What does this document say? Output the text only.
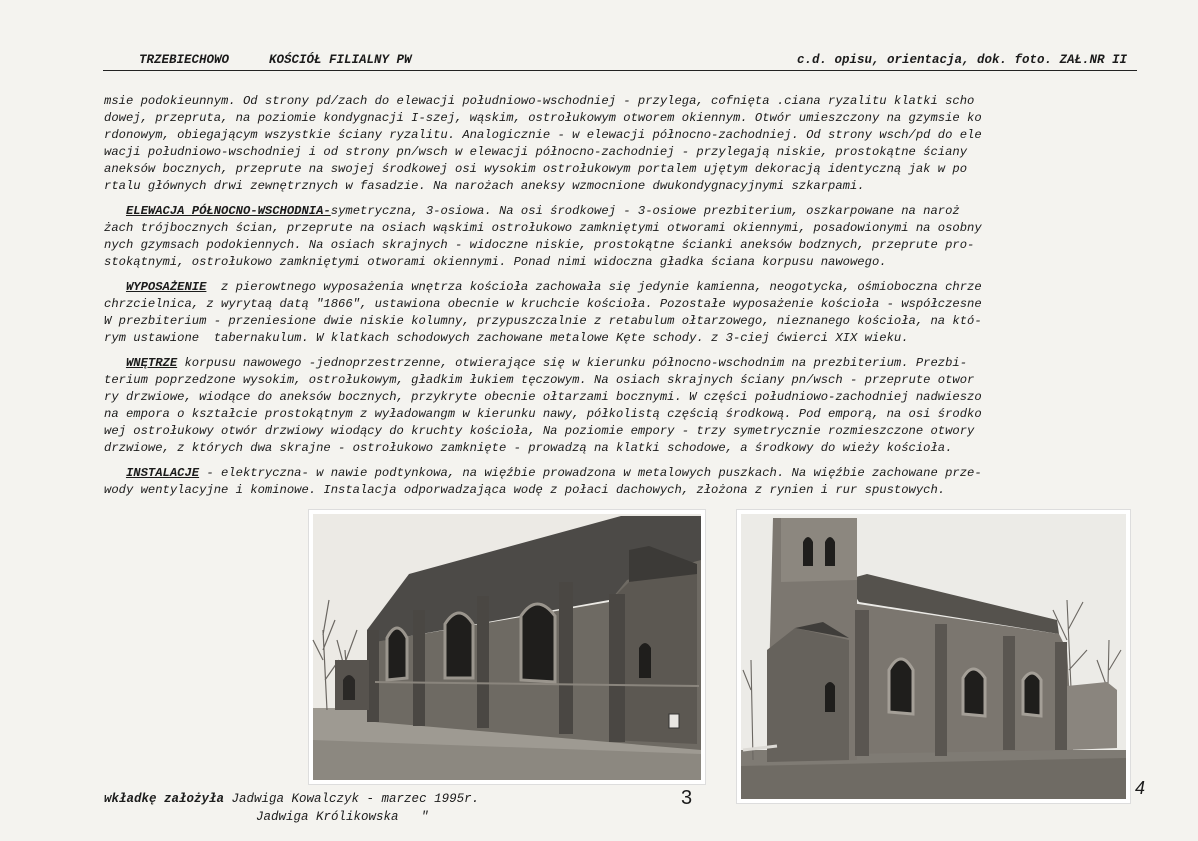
TRZEBIECHOWO	KOŚCIÓŁ FILIALNY PW	c.d. opisu, orientacja, dok. foto. ZAŁ.NR II
msie podokieunnym. Od strony pd/zach do elewacji południowo-wschodniej - przylega, cofnięta .ciana ryzalitu klatki scho
dowej, przepruta, na poziomie kondygnacji I-szej, wąskim, ostrołukowym otworem okiennym. Otwór umieszczony na gzymsie ko
rdonowym, obiegającym wszystkie ściany ryzalitu. Analogicznie - w elewacji północno-zachodniej. Od strony wsch/pd do ele
wacji południowo-wschodniej i od strony pn/wsch w elewacji północno-zachodniej - przylegają niskie, prostokątne ściany
aneksów bocznych, przeprute na swojej środkowej osi wysokim ostrołukowym portalem ujętym dekoracją identyczną jak w po
rtalu głównych drwi zewnętrznych w fasadzie. Na narożach aneksy wzmocnione dwukondygnacyjnymi szkarpami.
ELEWACJA PÓŁNOCNO-WSCHODNIA-symetryczna, 3-osiowa. Na osi środkowej - 3-osiowe prezbiterium, oszkarpowane na naroż
żach trójbocznych ścian, przeprute na osiach wąskimi ostrołukowo zamkniętymi otworami okiennymi, posadowionymi na osobny
nych gzymsach podokiennych. Na osiach skrajnych - widoczne niskie, prostokątne ścianki aneksów bodznych, przeprute pro-
stokątnymi, ostrołukowo zamkniętymi otworami okiennymi. Ponad nimi widoczna gładka ściana korpusu nawowego.
WYPOSAŻENIE  z pierowtnego wyposażenia wnętrza kościoła zachowała się jedynie kamienna, neogotycka, ośmioboczna chrze
chrzcielnica, z wyrytaą datą "1866", ustawiona obecnie w kruchcie kościoła. Pozostałe wyposażenie kościoła - współczesne
W prezbiterium - przeniesione dwie niskie kolumny, przypuszczalnie z retabulum ołtarzowego, nieznanego kościoła, na któ-
rym ustawione  tabernakulum. W klatkach schodowych zachowane metalowe Kęte schody. z 3-ciej ćwierci XIX wieku.
WNĘTRZE korpusu nawowego -jednoprzestrzenne, otwierające się w kierunku północno-wschodnim na prezbiterium. Prezbi-
terium poprzedzone wysokim, ostrołukowym, gładkim łukiem tęczowym. Na osiach skrajnych ściany pn/wsch - przeprute otwor
ry drzwiowe, wiodące do aneksów bocznych, przykryte obecnie ołtarzami bocznymi. W części południowo-zachodniej nadwieszo
na empora o kształcie prostokątnym z wyładowangm w kierunku nawy, półkolistą częścią środkową. Pod emporą, na osi środko
wej ostrołukowy otwór drzwiowy wiodący do kruchty kościoła, Na poziomie empory - trzy symetrycznie rozmieszczone otwory
drzwiowe, z których dwa skrajne - ostrołukowo zamknięte - prowadzą na klatki schodowe, a środkowy do wieży kościoła.
INSTALACJE - elektryczna- w nawie podtynkowa, na więźbie prowadzona w metalowych puszkach. Na więźbie zachowane prze-
wody wentylacyjne i kominowe. Instalacja odporwadzająca wodę z połaci dachowych, złożona z rynien i rur spustowych.
wkładkę założyła Jadwiga Kowalczyk - marzec 1995r.
Jadwiga Królikowska   "
3	4
